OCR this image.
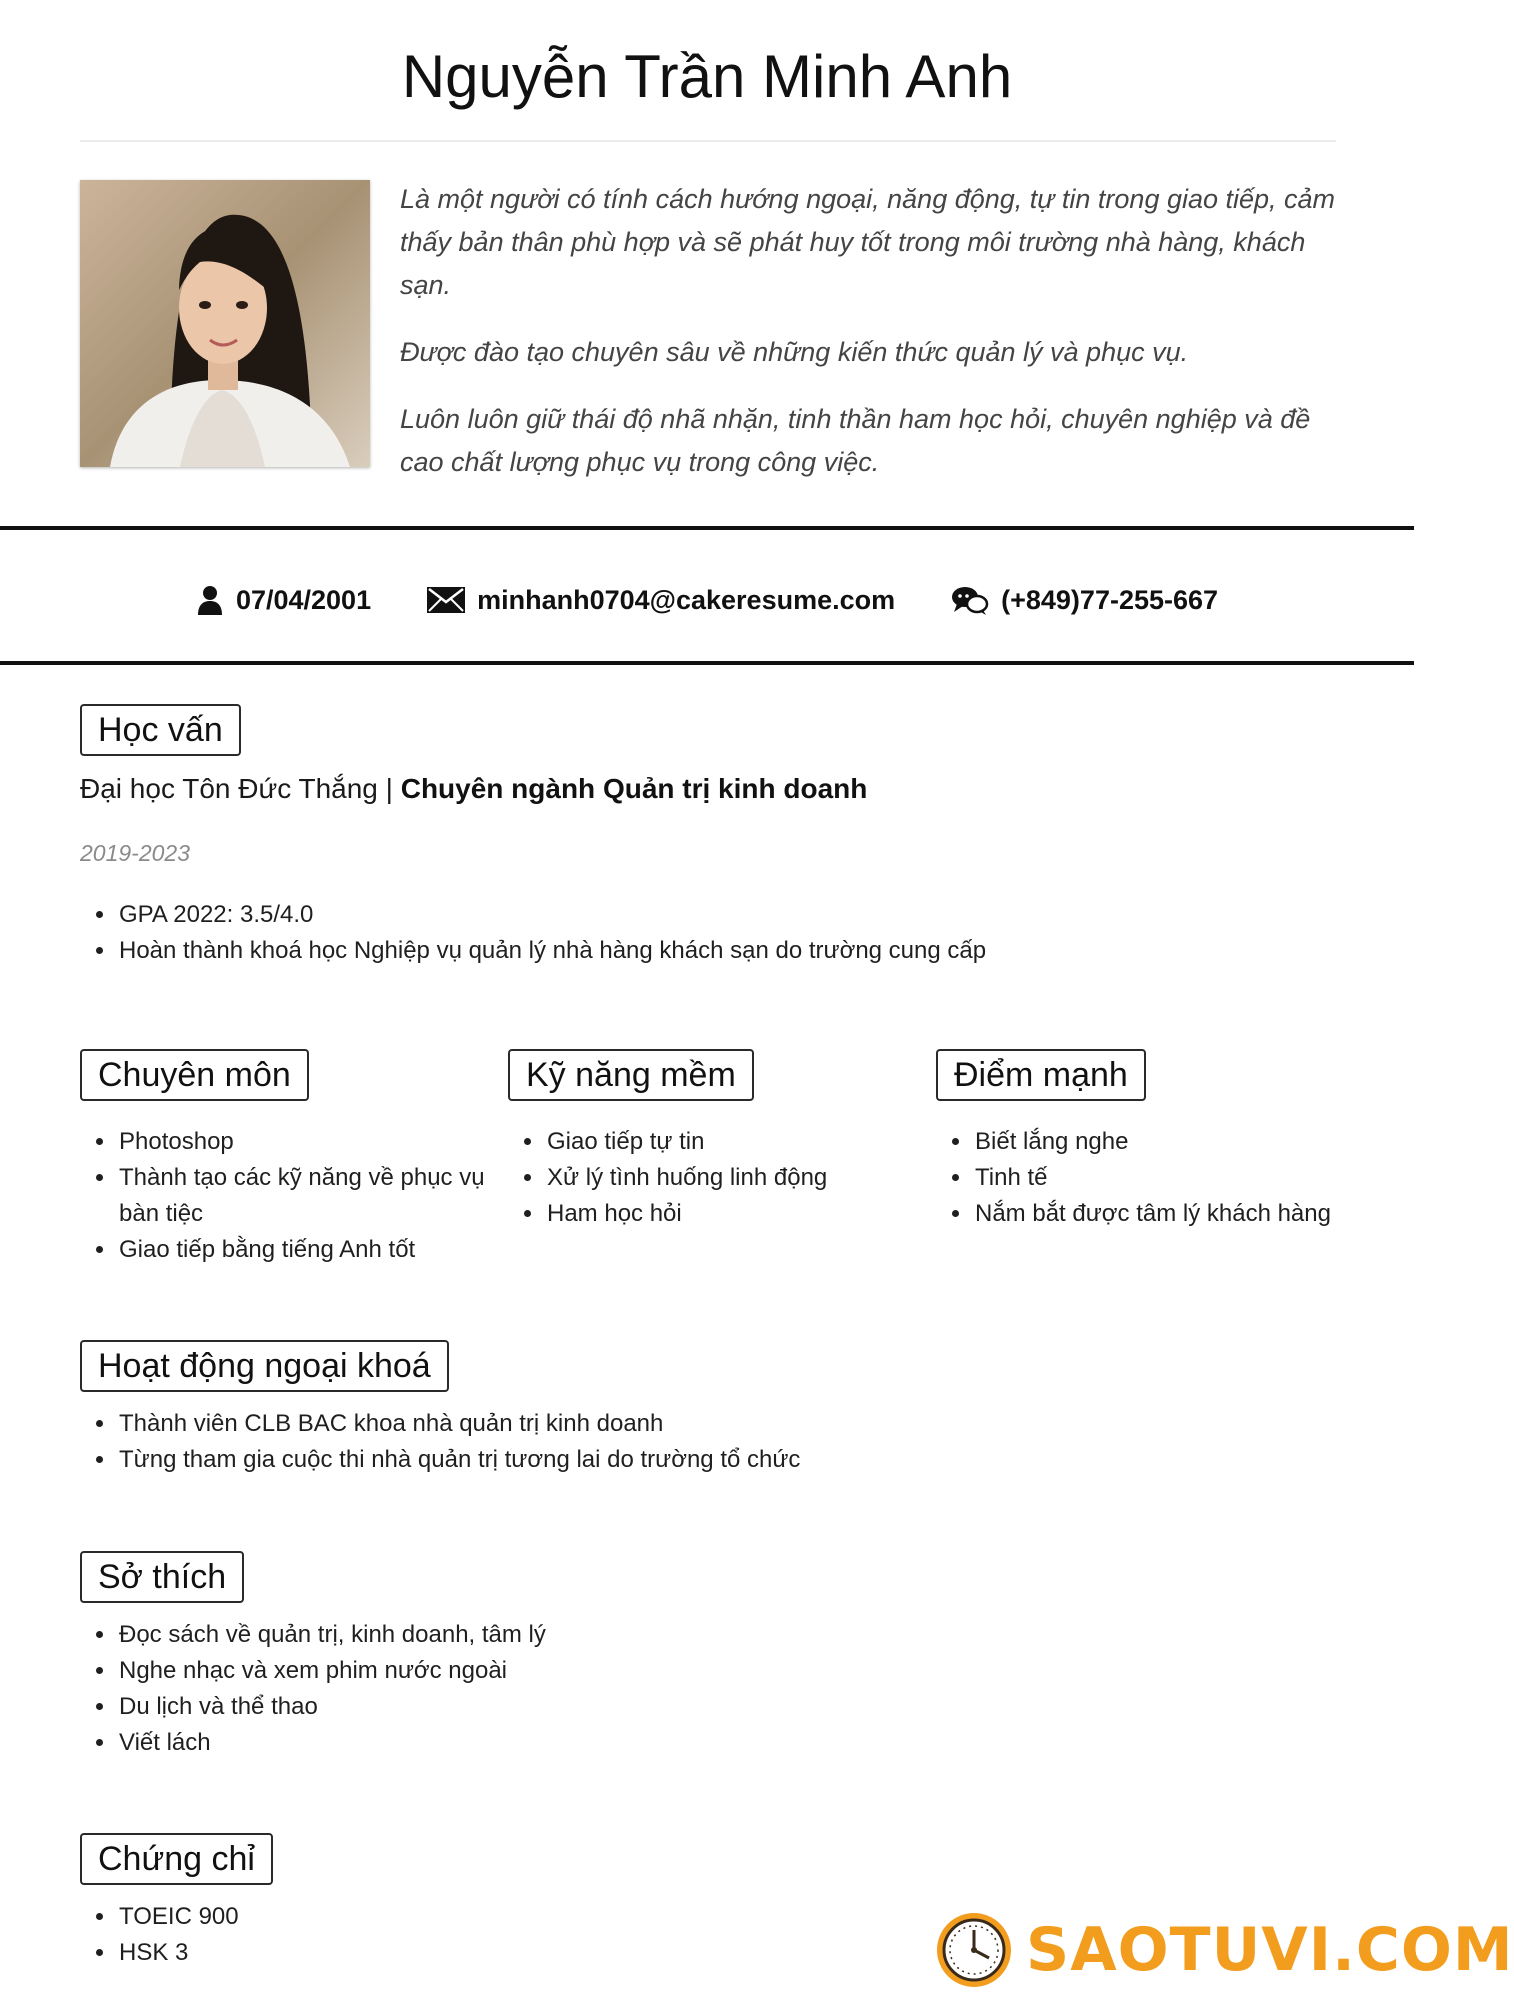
Nguyễn Trần Minh Anh

Là một người có tính cách hướng ngoại, năng động, tự tin trong giao tiếp, cảm thấy bản thân phù hợp và sẽ phát huy tốt trong môi trường nhà hàng, khách sạn.

Được đào tạo chuyên sâu về những kiến thức quản lý và phục vụ.

Luôn luôn giữ thái độ nhã nhặn, tinh thần ham học hỏi, chuyên nghiệp và đề cao chất lượng phục vụ trong công việc.

07/04/2001	minhanh0704@cakeresume.com	(+849)77-255-667
Học vấn
Đại học Tôn Đức Thắng | Chuyên ngành Quản trị kinh doanh
2019-2023
• GPA 2022: 3.5/4.0
• Hoàn thành khoá học Nghiệp vụ quản lý nhà hàng khách sạn do trường cung cấp
Chuyên môn
• Photoshop
• Thành tạo các kỹ năng về phục vụ bàn tiệc
• Giao tiếp bằng tiếng Anh tốt
Kỹ năng mềm
• Giao tiếp tự tin
• Xử lý tình huống linh động
• Ham học hỏi
Điểm mạnh
• Biết lắng nghe
• Tinh tế
• Nắm bắt được tâm lý khách hàng
Hoạt động ngoại khoá
• Thành viên CLB BAC khoa nhà quản trị kinh doanh
• Từng tham gia cuộc thi nhà quản trị tương lai do trường tổ chức
Sở thích
• Đọc sách về quản trị, kinh doanh, tâm lý
• Nghe nhạc và xem phim nước ngoài
• Du lịch và thể thao
• Viết lách
Chứng chỉ
• TOEIC 900
• HSK 3	SAOTUVI.COM
